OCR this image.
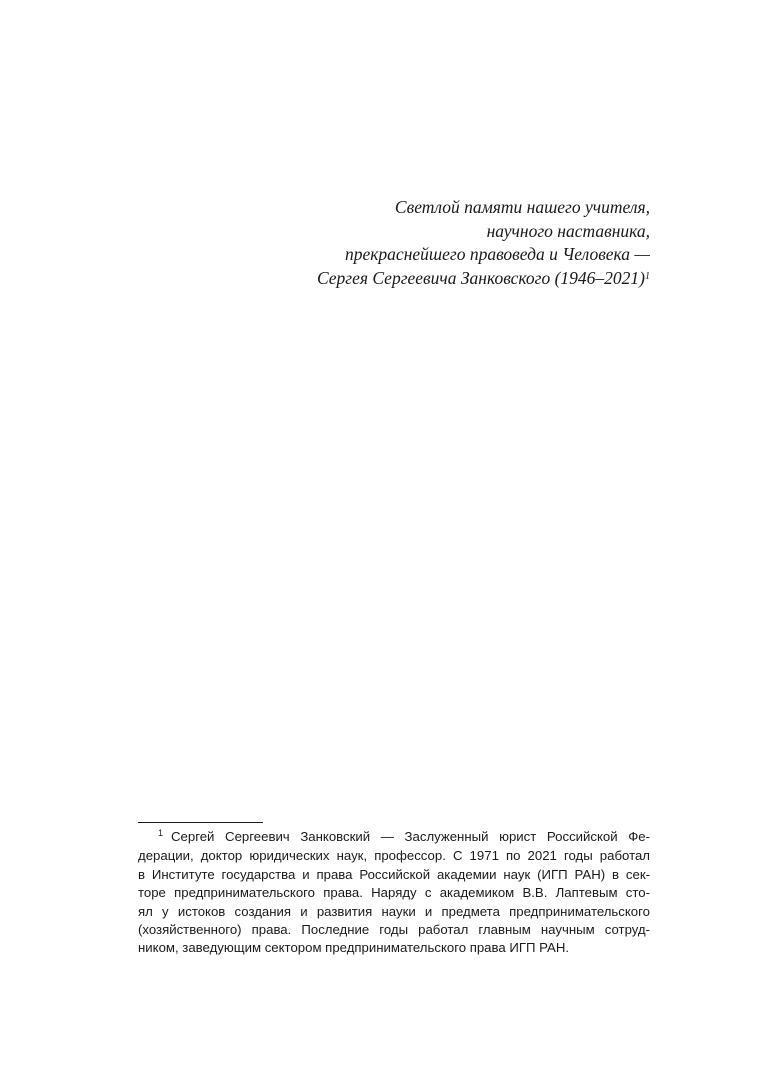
Светлой памяти нашего учителя,
научного наставника,
прекраснейшего правоведа и Человека —
Сергея Сергеевича Занковского (1946–2021)$^1$
$^1$ Сергей Сергеевич Занковский — Заслуженный юрист Российской Фе-
дерации, доктор юридических наук, профессор. С 1971 по 2021 годы работал
в Институте государства и права Российской академии наук (ИГП РАН) в сек-
торе предпринимательского права. Наряду с академиком В.В. Лаптевым сто-
ял у истоков создания и развития науки и предмета предпринимательского
(хозяйственного) права. Последние годы работал главным научным сотруд-
ником, заведующим сектором предпринимательского права ИГП РАН.
